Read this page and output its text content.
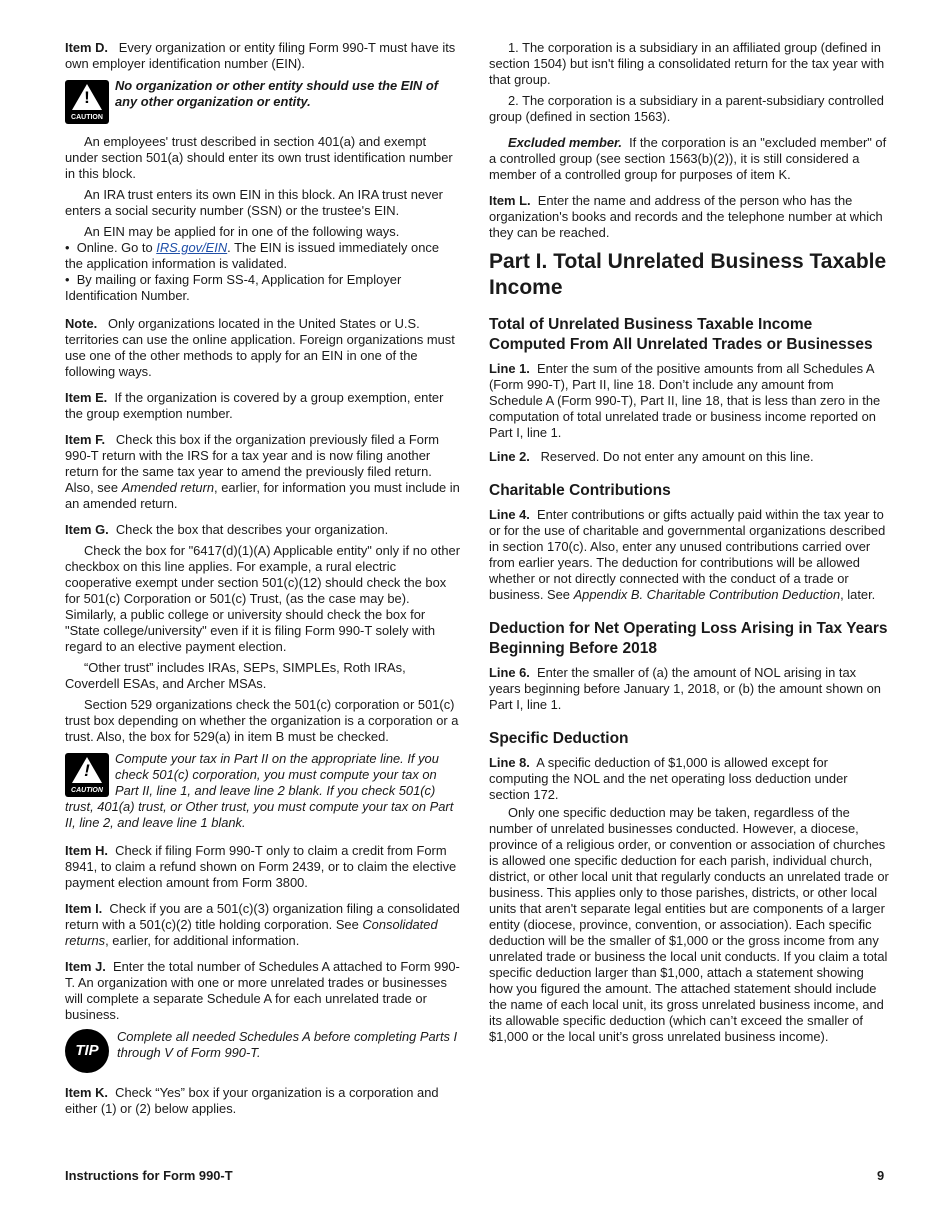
Item D. Every organization or entity filing Form 990-T must have its own employer identification number (EIN).

!
CAUTION
No organization or other entity should use the EIN of any other organization or entity.

An employees' trust described in section 401(a) and exempt under section 501(a) should enter its own trust identification number in this block.

An IRA trust enters its own EIN in this block. An IRA trust never enters a social security number (SSN) or the trustee's EIN.

An EIN may be applied for in one of the following ways.

•  Online. Go to IRS.gov/EIN. The EIN is issued immediately once the application information is validated.

•  By mailing or faxing Form SS-4, Application for Employer Identification Number.

Note. Only organizations located in the United States or U.S. territories can use the online application. Foreign organizations must use one of the other methods to apply for an EIN in one of the following ways.

Item E. If the organization is covered by a group exemption, enter the group exemption number.

Item F. Check this box if the organization previously filed a Form 990-T return with the IRS for a tax year and is now filing another return for the same tax year to amend the previously filed return. Also, see Amended return, earlier, for information you must include in an amended return.

Item G. Check the box that describes your organization.

Check the box for "6417(d)(1)(A) Applicable entity" only if no other checkbox on this line applies. For example, a rural electric cooperative exempt under section 501(c)(12) should check the box for 501(c) Corporation or 501(c) Trust, (as the case may be). Similarly, a public college or university should check the box for "State college/university" even if it is filing Form 990-T solely with regard to an elective payment election.

“Other trust” includes IRAs, SEPs, SIMPLEs, Roth IRAs, Coverdell ESAs, and Archer MSAs.

Section 529 organizations check the 501(c) corporation or 501(c) trust box depending on whether the organization is a corporation or a trust. Also, the box for 529(a) in item B must be checked.

!
CAUTION
Compute your tax in Part II on the appropriate line. If you check 501(c) corporation, you must compute your tax on Part II, line 1, and leave line 2 blank. If you check 501(c) trust, 401(a) trust, or Other trust, you must compute your tax on Part II, line 2, and leave line 1 blank.

Item H. Check if filing Form 990-T only to claim a credit from Form 8941, to claim a refund shown on Form 2439, or to claim the elective payment election amount from Form 3800.

Item I. Check if you are a 501(c)(3) organization filing a consolidated return with a 501(c)(2) title holding corporation. See Consolidated returns, earlier, for additional information.

Item J. Enter the total number of Schedules A attached to Form 990-T. An organization with one or more unrelated trades or businesses will complete a separate Schedule A for each unrelated trade or business.

TIP
Complete all needed Schedules A before completing Parts I through V of Form 990-T.

Item K. Check “Yes” box if your organization is a corporation and either (1) or (2) below applies.

1. The corporation is a subsidiary in an affiliated group (defined in section 1504) but isn't filing a consolidated return for the tax year with that group.

2. The corporation is a subsidiary in a parent-subsidiary controlled group (defined in section 1563).

Excluded member. If the corporation is an "excluded member" of a controlled group (see section 1563(b)(2)), it is still considered a member of a controlled group for purposes of item K.

Item L. Enter the name and address of the person who has the organization's books and records and the telephone number at which they can be reached.

Part I. Total Unrelated Business Taxable Income
Total of Unrelated Business Taxable Income Computed From All Unrelated Trades or Businesses

Line 1. Enter the sum of the positive amounts from all Schedules A (Form 990-T), Part II, line 18. Don’t include any amount from Schedule A (Form 990-T), Part II, line 18, that is less than zero in the computation of total unrelated trade or business income reported on Part I, line 1.

Line 2. Reserved. Do not enter any amount on this line.

Charitable Contributions

Line 4. Enter contributions or gifts actually paid within the tax year to or for the use of charitable and governmental organizations described in section 170(c). Also, enter any unused contributions carried over from earlier years. The deduction for contributions will be allowed whether or not directly connected with the conduct of a trade or business. See Appendix B. Charitable Contribution Deduction, later.

Deduction for Net Operating Loss Arising in Tax Years Beginning Before 2018

Line 6. Enter the smaller of (a) the amount of NOL arising in tax years beginning before January 1, 2018, or (b) the amount shown on Part I, line 1.

Specific Deduction

Line 8. A specific deduction of $1,000 is allowed except for computing the NOL and the net operating loss deduction under section 172.

Only one specific deduction may be taken, regardless of the number of unrelated businesses conducted. However, a diocese, province of a religious order, or convention or association of churches is allowed one specific deduction for each parish, individual church, district, or other local unit that regularly conducts an unrelated trade or business. This applies only to those parishes, districts, or other local units that aren't separate legal entities but are components of a larger entity (diocese, province, convention, or association). Each specific deduction will be the smaller of $1,000 or the gross income from any unrelated trade or business the local unit conducts. If you claim a total specific deduction larger than $1,000, attach a statement showing how you figured the amount. The attached statement should include the name of each local unit, its gross unrelated business income, and its allowable specific deduction (which can’t exceed the smaller of $1,000 or the local unit’s gross unrelated business income).

Instructions for Form 990-T	9
